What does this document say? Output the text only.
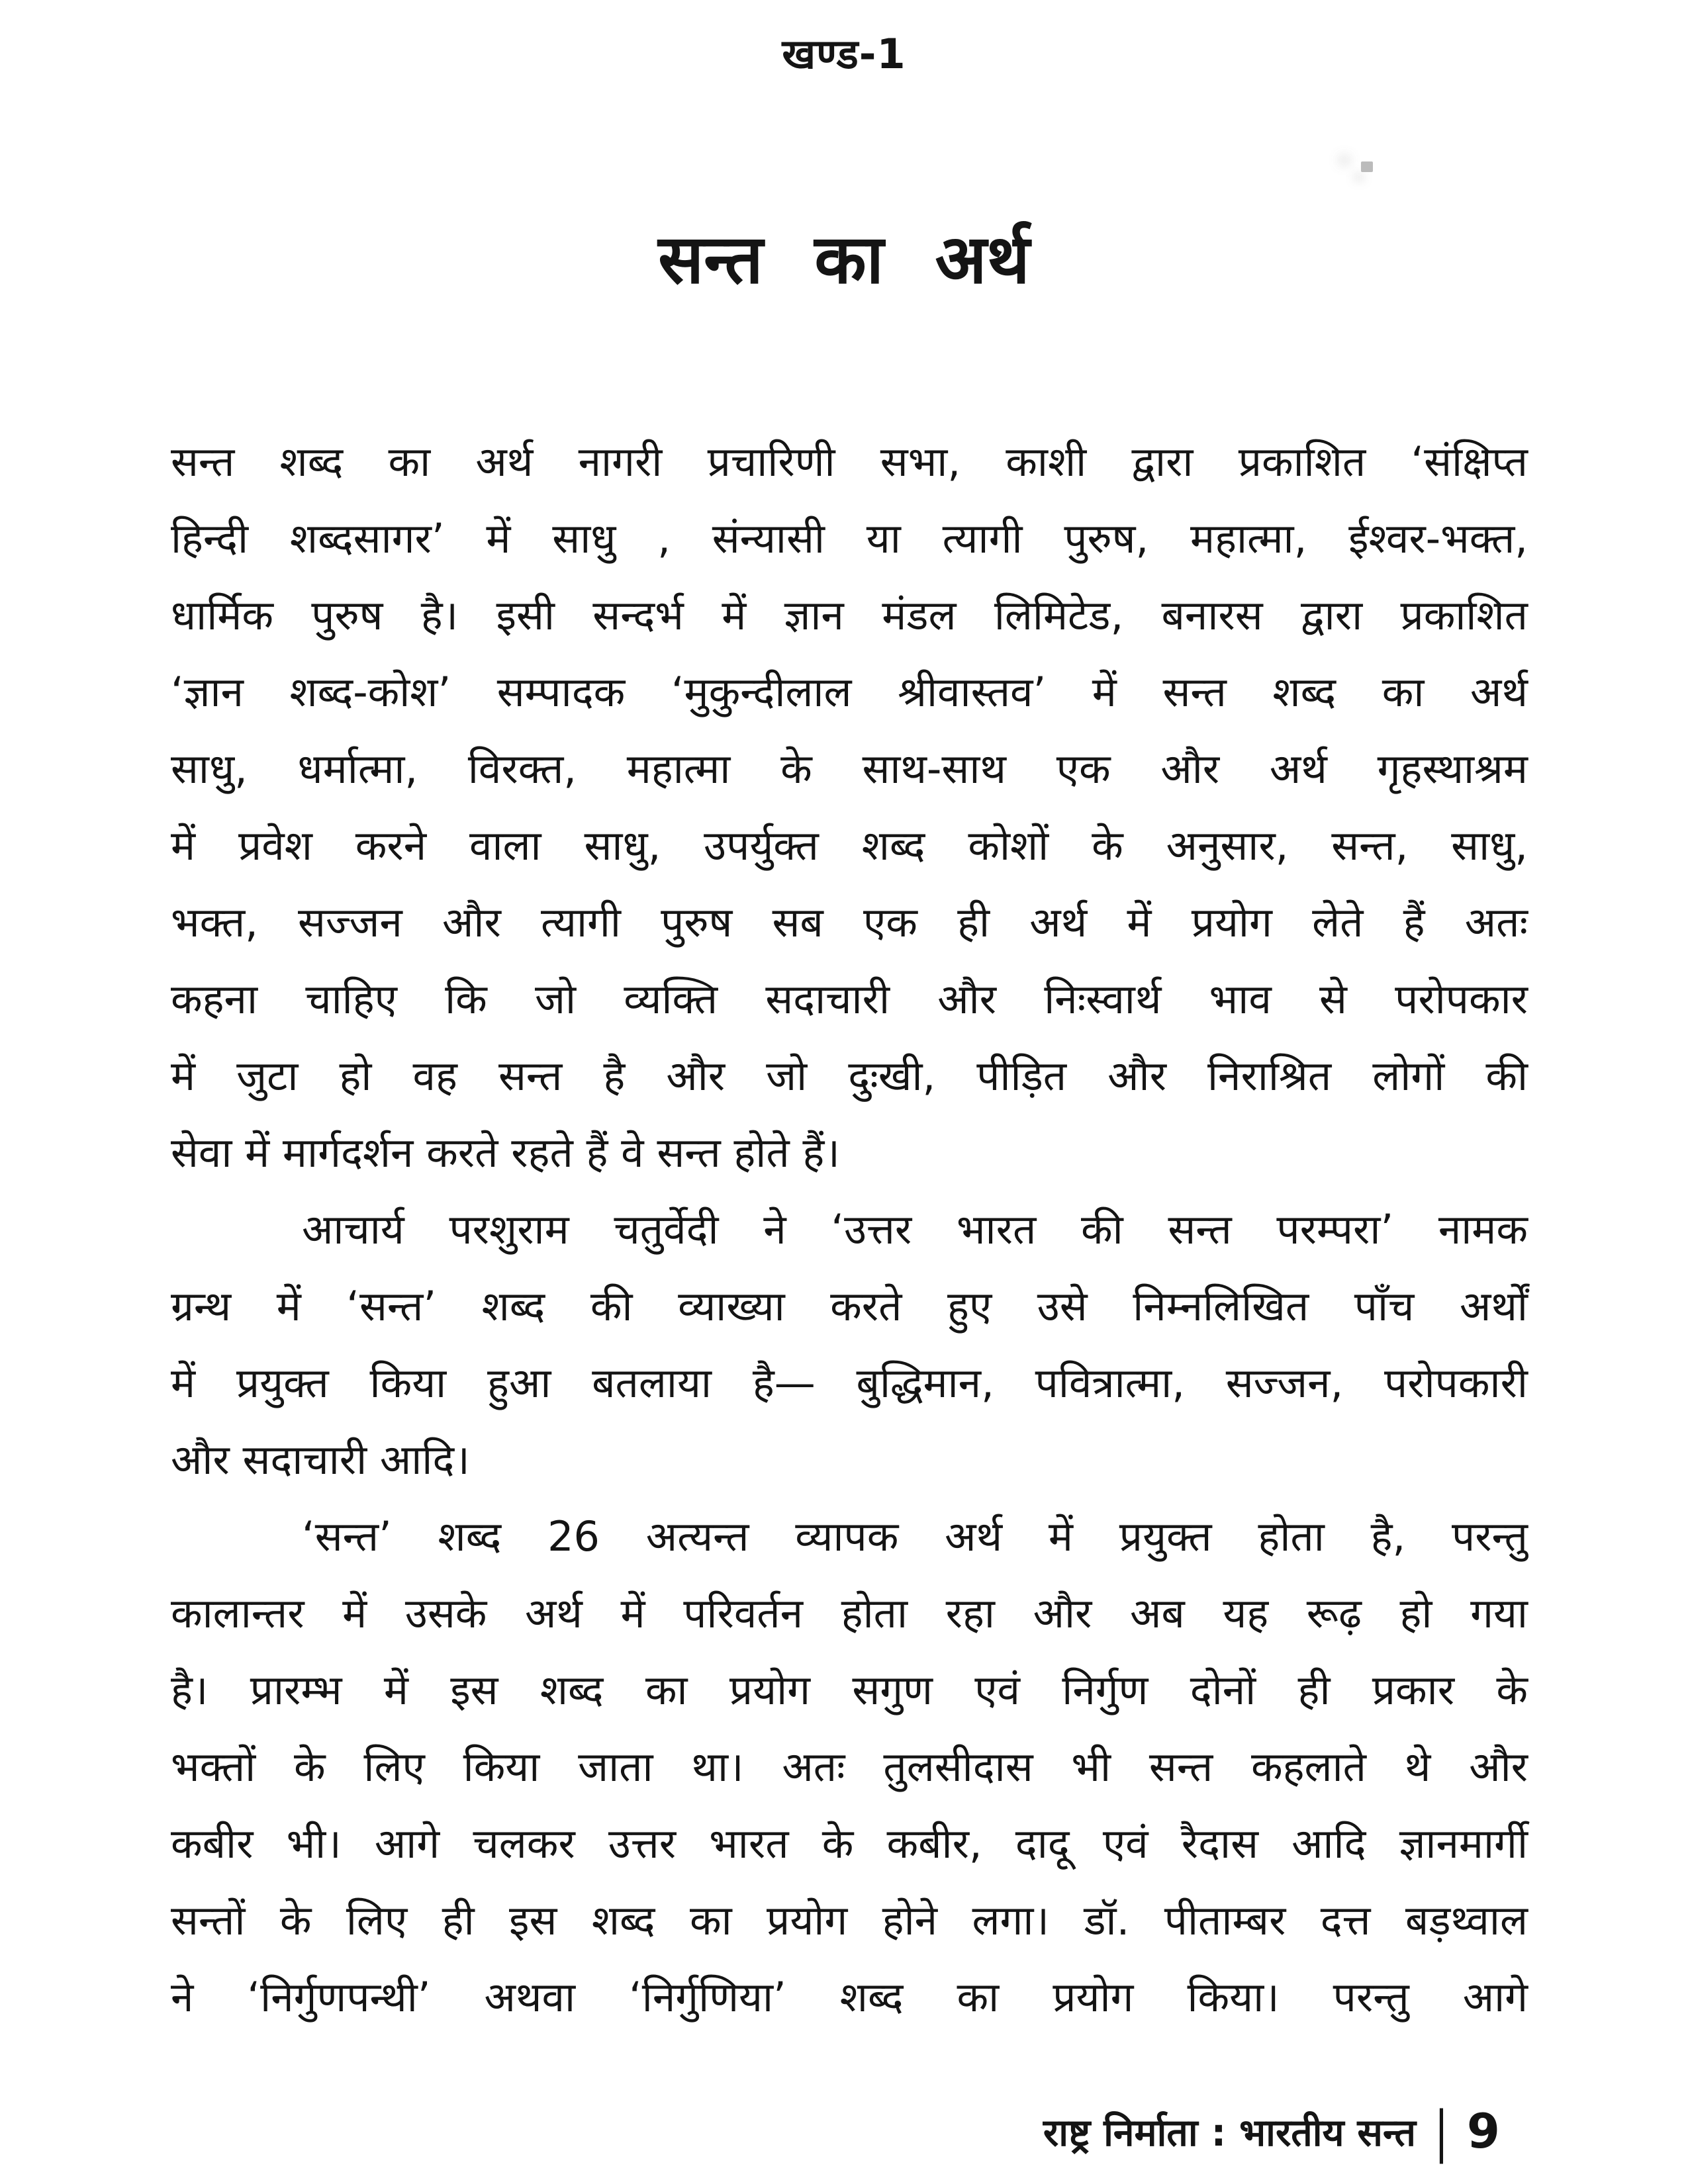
खण्ड-1
सन्त का अर्थ
सन्त शब्द का अर्थ नागरी प्रचारिणी सभा, काशी द्वारा प्रकाशित ‘संक्षिप्त
हिन्दी शब्दसागर’ में साधु , संन्यासी या त्यागी पुरुष, महात्मा, ईश्वर-भक्त,
धार्मिक पुरुष है। इसी सन्दर्भ में ज्ञान मंडल लिमिटेड, बनारस द्वारा प्रकाशित
‘ज्ञान शब्द-कोश’ सम्पादक ‘मुकुन्दीलाल श्रीवास्तव’ में सन्त शब्द का अर्थ
साधु, धर्मात्मा, विरक्त, महात्मा के साथ-साथ एक और अर्थ गृहस्थाश्रम
में प्रवेश करने वाला साधु, उपर्युक्त शब्द कोशों के अनुसार, सन्त, साधु,
भक्त, सज्जन और त्यागी पुरुष सब एक ही अर्थ में प्रयोग लेते हैं अतः
कहना चाहिए कि जो व्यक्ति सदाचारी और निःस्वार्थ भाव से परोपकार
में जुटा हो वह सन्त है और जो दुःखी, पीड़ित और निराश्रित लोगों की
सेवा में मार्गदर्शन करते रहते हैं वे सन्त होते हैं।
आचार्य परशुराम चतुर्वेदी ने ‘उत्तर भारत की सन्त परम्परा’ नामक
ग्रन्थ में ‘सन्त’ शब्द की व्याख्या करते हुए उसे निम्नलिखित पाँच अर्थों
में प्रयुक्त किया हुआ बतलाया है— बुद्धिमान, पवित्रात्मा, सज्जन, परोपकारी
और सदाचारी आदि।
‘सन्त’ शब्द 26 अत्यन्त व्यापक अर्थ में प्रयुक्त होता है, परन्तु
कालान्तर में उसके अर्थ में परिवर्तन होता रहा और अब यह रूढ़ हो गया
है। प्रारम्भ में इस शब्द का प्रयोग सगुण एवं निर्गुण दोनों ही प्रकार के
भक्तों के लिए किया जाता था। अतः तुलसीदास भी सन्त कहलाते थे और
कबीर भी। आगे चलकर उत्तर भारत के कबीर, दादू एवं रैदास आदि ज्ञानमार्गी
सन्तों के लिए ही इस शब्द का प्रयोग होने लगा। डॉ. पीताम्बर दत्त बड़थ्वाल
ने ‘निर्गुणपन्थी’ अथवा ‘निर्गुणिया’ शब्द का प्रयोग किया। परन्तु आगे
राष्ट्र निर्माता : भारतीय सन्त | 9
